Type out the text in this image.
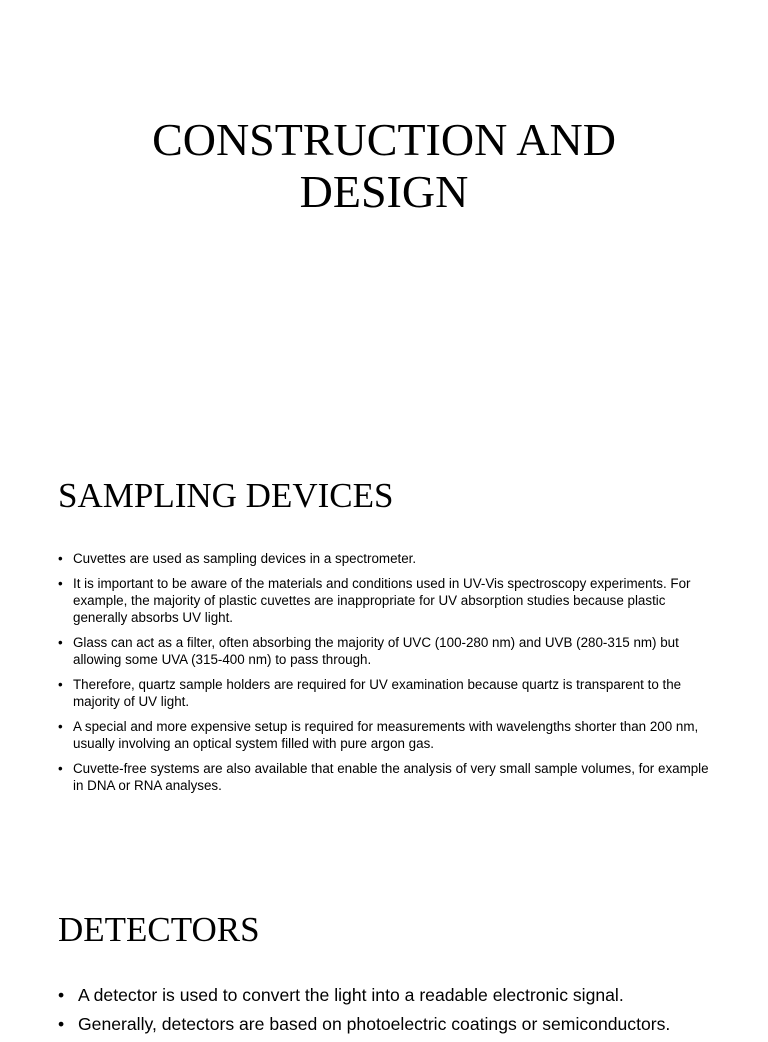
CONSTRUCTION AND
DESIGN
SAMPLING DEVICES
• Cuvettes are used as sampling devices in a spectrometer.
• It is important to be aware of the materials and conditions used in UV-Vis spectroscopy experiments. For example, the majority of plastic cuvettes are inappropriate for UV absorption studies because plastic generally absorbs UV light.
• Glass can act as a filter, often absorbing the majority of UVC (100-280 nm) and UVB (280-315 nm) but allowing some UVA (315-400 nm) to pass through.
• Therefore, quartz sample holders are required for UV examination because quartz is transparent to the majority of UV light.
• A special and more expensive setup is required for measurements with wavelengths shorter than 200 nm, usually involving an optical system filled with pure argon gas.
• Cuvette-free systems are also available that enable the analysis of very small sample volumes, for example in DNA or RNA analyses.
DETECTORS
• A detector is used to convert the light into a readable electronic signal.
• Generally, detectors are based on photoelectric coatings or semiconductors.
